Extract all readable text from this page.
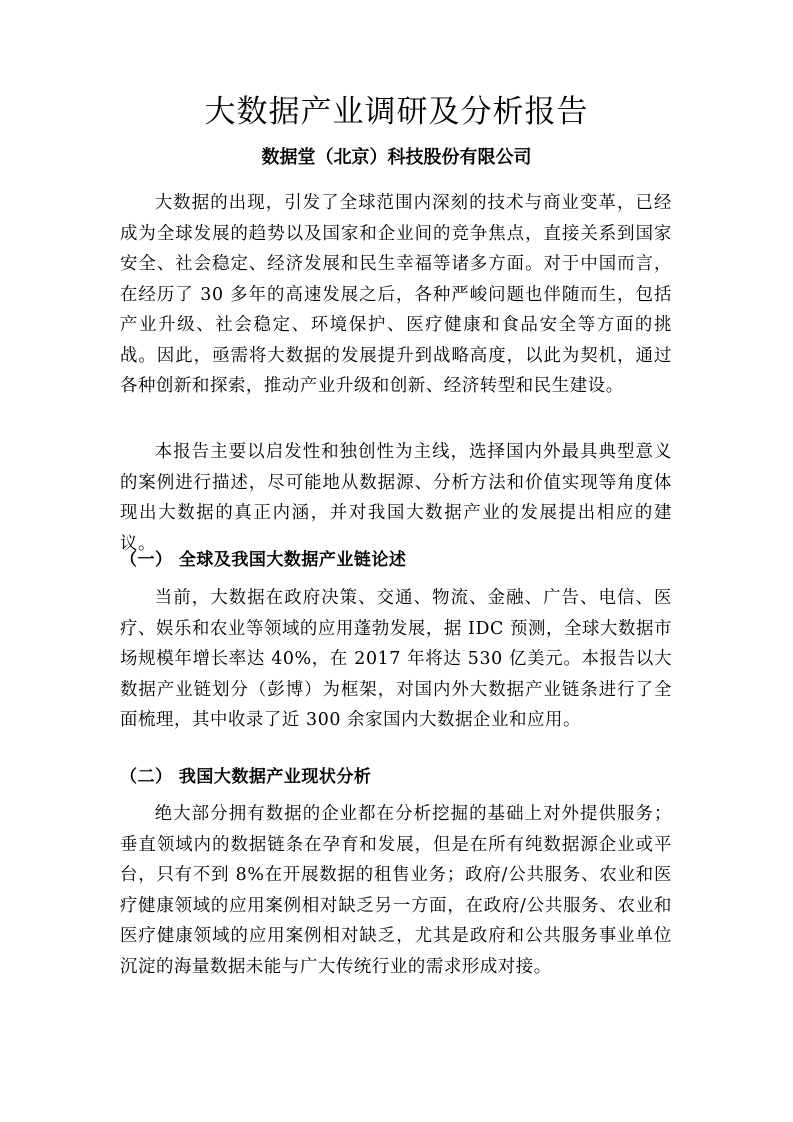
大数据产业调研及分析报告
数据堂（北京）科技股份有限公司

大数据的出现，引发了全球范围内深刻的技术与商业变革，已经成为全球发展的趋势以及国家和企业间的竞争焦点，直接关系到国家安全、社会稳定、经济发展和民生幸福等诸多方面。对于中国而言，在经历了 30 多年的高速发展之后，各种严峻问题也伴随而生，包括产业升级、社会稳定、环境保护、医疗健康和食品安全等方面的挑战。因此，亟需将大数据的发展提升到战略高度，以此为契机，通过各种创新和探索，推动产业升级和创新、经济转型和民生建设。

本报告主要以启发性和独创性为主线，选择国内外最具典型意义的案例进行描述，尽可能地从数据源、分析方法和价值实现等角度体现出大数据的真正内涵，并对我国大数据产业的发展提出相应的建议。

（一） 全球及我国大数据产业链论述

当前，大数据在政府决策、交通、物流、金融、广告、电信、医疗、娱乐和农业等领域的应用蓬勃发展，据 IDC 预测，全球大数据市场规模年增长率达 40%，在 2017 年将达 530 亿美元。本报告以大数据产业链划分（彭博）为框架，对国内外大数据产业链条进行了全面梳理，其中收录了近 300 余家国内大数据企业和应用。

（二） 我国大数据产业现状分析

绝大部分拥有数据的企业都在分析挖掘的基础上对外提供服务；垂直领域内的数据链条在孕育和发展，但是在所有纯数据源企业或平台，只有不到 8%在开展数据的租售业务；政府/公共服务、农业和医疗健康领域的应用案例相对缺乏另一方面，在政府/公共服务、农业和医疗健康领域的应用案例相对缺乏，尤其是政府和公共服务事业单位沉淀的海量数据未能与广大传统行业的需求形成对接。
